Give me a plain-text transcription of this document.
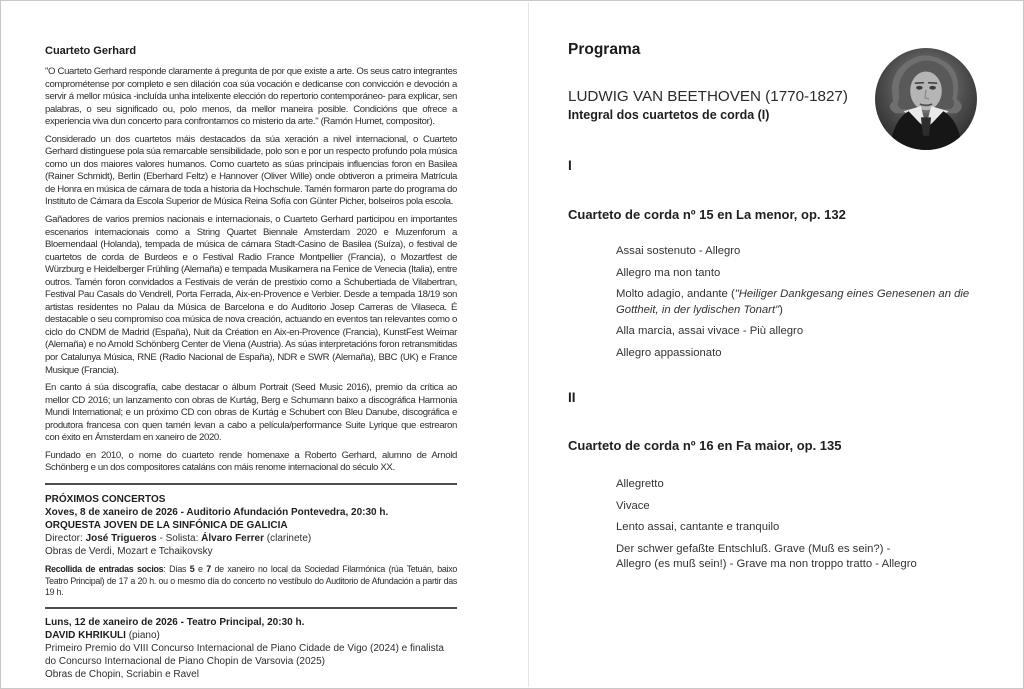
Cuarteto Gerhard

"O Cuarteto Gerhard responde claramente á pregunta de por que existe a arte. Os seus catro integrantes comprométense por completo e sen dilación coa súa vocación e dedicanse con convicción e devoción a servir á mellor música -incluída unha intelixente elección do repertorio contemporáneo- para explicar, sen palabras, o seu significado ou, polo menos, da mellor maneira posible. Condicións que ofrece a experiencia viva dun concerto para confrontarnos co misterio da arte." (Ramón Humet, compositor).

Considerado un dos cuartetos máis destacados da súa xeración a nivel internacional, o Cuarteto Gerhard distinguese pola súa remarcable sensibilidade, polo son e por un respecto profundo pola música como un dos maiores valores humanos. Como cuarteto as súas principais influencias foron en Basilea (Rainer Schmidt), Berlin (Eberhard Feltz) e Hannover (Oliver Wille) onde obtiveron a primeira Matrícula de Honra en música de cámara de toda a historia da Hochschule. Tamén formaron parte do programa do Instituto de Cámara da Escola Superior de Música Reina Sofía con Günter Picher, bolseiros pola escola.

Gañadores de varios premios nacionais e internacionais, o Cuarteto Gerhard participou en importantes escenarios internacionais como a String Quartet Biennale Amsterdam 2020 e Muzenforum a Bloemendaal (Holanda), tempada de música de cámara Stadt-Casino de Basilea (Suíza), o festival de cuartetos de corda de Burdeos e o Festival Radio France Montpellier (Francia), o Mozartfest de Würzburg e Heidelberger Frühling (Alemaña) e tempada Musikamera na Fenice de Venecia (Italia), entre outros. Tamén foron convidados a Festivais de verán de prestixio como a Schubertiada de Vilabertran, Festival Pau Casals do Vendrell, Porta Ferrada, Aix-en-Provence e Verbier. Desde a tempada 18/19 son artistas residentes no Palau da Música de Barcelona e do Auditorio Josep Carreras de Vilaseca. É destacable o seu compromiso coa música de nova creación, actuando en eventos tan relevantes como o ciclo do CNDM de Madrid (España), Nuit da Création en Aix-en-Provence (Francia), KunstFest Weimar (Alemaña) e no Arnold Schönberg Center de Viena (Austria). As súas interpretacións foron retransmitidas por Catalunya Música, RNE (Radio Nacional de España), NDR e SWR (Alemaña), BBC (UK) e France Musique (Francia).

En canto á súa discografía, cabe destacar o álbum Portrait (Seed Music 2016), premio da crítica ao mellor CD 2016; un lanzamento con obras de Kurtág, Berg e Schumann baixo a discográfica Harmonia Mundi International; e un próximo CD con obras de Kurtág e Schubert con Bleu Danube, discográfica e produtora francesa con quen tamén levan a cabo a película/performance Suite Lyrique que estrearon con éxito en Ámsterdam en xaneiro de 2020.

Fundado en 2010, o nome do cuarteto rende homenaxe a Roberto Gerhard, alumno de Arnold Schönberg e un dos compositores cataláns con máis renome internacional do século XX.

PRÓXIMOS CONCERTOS
Xoves, 8 de xaneiro de 2026 - Auditorio Afundación Pontevedra, 20:30 h.
ORQUESTA JOVEN DE LA SINFÓNICA DE GALICIA
Director: José Trigueros - Solista: Álvaro Ferrer (clarinete)
Obras de Verdi, Mozart e Tchaikovsky
Recollida de entradas socios: Días 5 e 7 de xaneiro no local da Sociedad Filarmónica (rúa Tetuán, baixo Teatro Principal) de 17 a 20 h. ou o mesmo día do concerto no vestíbulo do Auditorio de Afundación a partir das 19 h.
Luns, 12 de xaneiro de 2026 - Teatro Principal, 20:30 h.
DAVID KHRIKULI (piano)
Primeiro Premio do VIII Concurso Internacional de Piano Cidade de Vigo (2024) e finalista
do Concurso Internacional de Piano Chopin de Varsovia (2025)
Obras de Chopin, Scriabin e Ravel
Programa
LUDWIG VAN BEETHOVEN (1770-1827)
Integral dos cuartetos de corda (I)
I
Cuarteto de corda nº 15 en La menor, op. 132
Assai sostenuto - Allegro
Allegro ma non tanto
Molto adagio, andante ("Heiliger Dankgesang eines Genesenen an die
Gottheit, in der lydischen Tonart")
Alla marcia, assai vivace - Più allegro
Allegro appassionato
II
Cuarteto de corda nº 16 en Fa maior, op. 135
Allegretto
Vivace
Lento assai, cantante e tranquilo
Der schwer gefaßte Entschluß. Grave (Muß es sein?) -
Allegro (es muß sein!) - Grave ma non troppo tratto - Allegro
